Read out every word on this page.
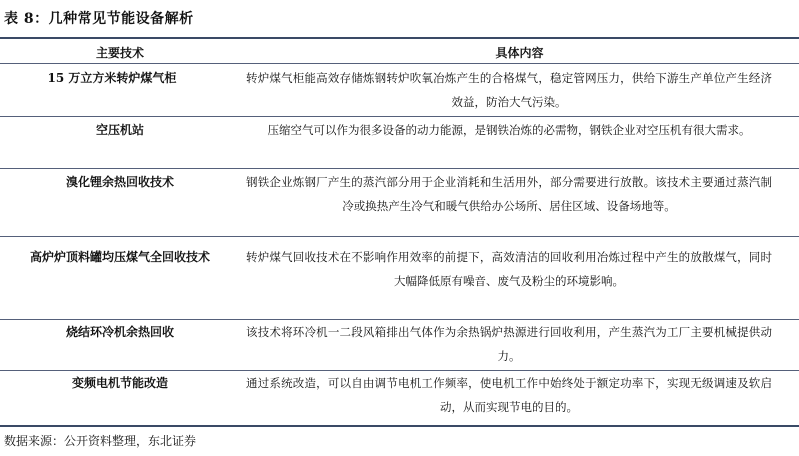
表 8：几种常见节能设备解析
主要技术	具体内容
15 万立方米转炉煤气柜	转炉煤气柜能高效存储炼钢转炉吹氧冶炼产生的合格煤气，稳定管网压力，供给下游生产单位产生经济效益，防治大气污染。
空压机站	压缩空气可以作为很多设备的动力能源，是钢铁冶炼的必需物，钢铁企业对空压机有很大需求。
溴化锂余热回收技术	钢铁企业炼钢厂产生的蒸汽部分用于企业消耗和生活用外，部分需要进行放散。该技术主要通过蒸汽制冷或换热产生冷气和暖气供给办公场所、居住区域、设备场地等。
高炉炉顶料罐均压煤气全回收技术	转炉煤气回收技术在不影响作用效率的前提下，高效清洁的回收利用冶炼过程中产生的放散煤气，同时大幅降低原有噪音、废气及粉尘的环境影响。
烧结环冷机余热回收	该技术将环冷机一二段风箱排出气体作为余热锅炉热源进行回收利用，产生蒸汽为工厂主要机械提供动力。
变频电机节能改造	通过系统改造，可以自由调节电机工作频率，使电机工作中始终处于额定功率下，实现无级调速及软启动，从而实现节电的目的。
数据来源：公开资料整理，东北证券
